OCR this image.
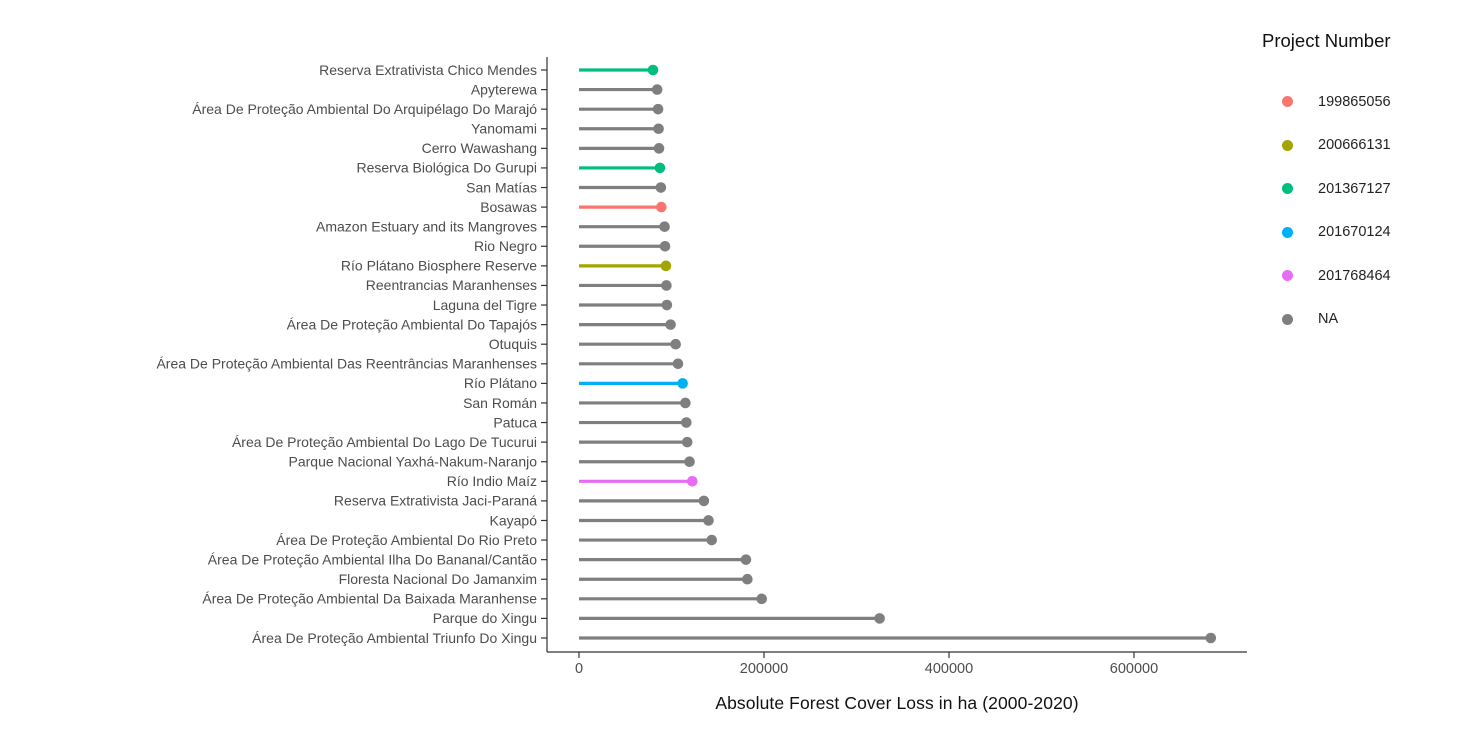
0	200000	400000	600000
Reserva Extrativista Chico Mendes
Apyterewa
Área De Proteção Ambiental Do Arquipélago Do Marajó
Yanomami
Cerro Wawashang
Reserva Biológica Do Gurupi
San Matías
Bosawas
Amazon Estuary and its Mangroves
Rio Negro
Río Plátano Biosphere Reserve
Reentrancias Maranhenses
Laguna del Tigre
Área De Proteção Ambiental Do Tapajós
Otuquis
Área De Proteção Ambiental Das Reentrâncias Maranhenses
Río Plátano
San Román
Patuca
Área De Proteção Ambiental Do Lago De Tucurui
Parque Nacional Yaxhá-Nakum-Naranjo
Río Indio Maíz
Reserva Extrativista Jaci-Paraná
Kayapó
Área De Proteção Ambiental Do Rio Preto
Área De Proteção Ambiental Ilha Do Bananal/Cantão
Floresta Nacional Do Jamanxim
Área De Proteção Ambiental Da Baixada Maranhense
Parque do Xingu
Área De Proteção Ambiental Triunfo Do Xingu
Absolute Forest Cover Loss in ha (2000-2020)
Project Number
199865056
200666131
201367127
201670124
201768464
NA
